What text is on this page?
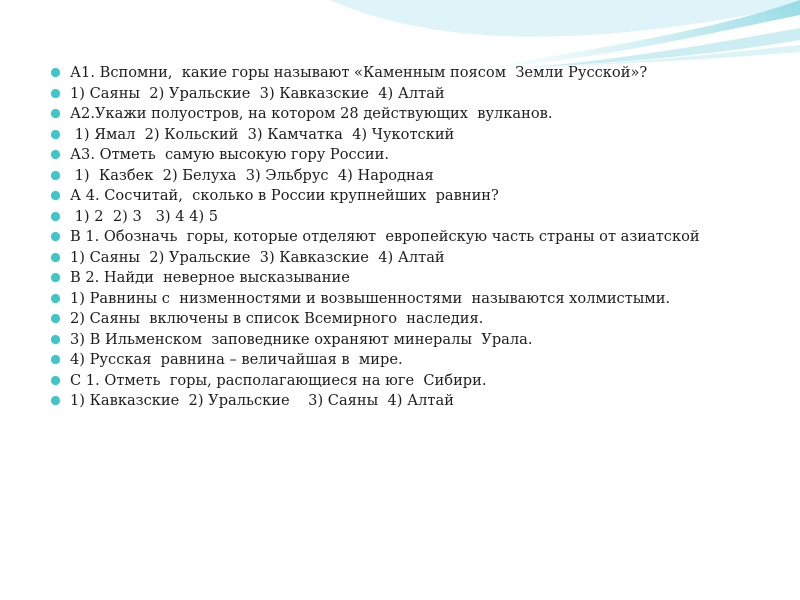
А1. Вспомни,  какие горы называют «Каменным поясом  Земли Русской»?
1) Саяны  2) Уральские  3) Кавказские  4) Алтай
А2.Укажи полуостров, на котором 28 действующих  вулканов.
1) Ямал  2) Кольский  3) Камчатка  4) Чукотский
А3. Отметь  самую высокую гору России.
1)  Казбек  2) Белуха  3) Эльбрус  4) Народная
А 4. Сосчитай,  сколько в России крупнейших  равнин?
1) 2  2) 3   3) 4 4) 5
В 1. Обозначь  горы, которые отделяют  европейскую часть страны от азиатской
1) Саяны  2) Уральские  3) Кавказские  4) Алтай
В 2. Найди  неверное высказывание
1) Равнины с  низменностями и возвышенностями  называются холмистыми.
2) Саяны  включены в список Всемирного  наследия.
3) В Ильменском  заповеднике охраняют минералы  Урала.
4) Русская  равнина – величайшая в  мире.
С 1. Отметь  горы, располагающиеся на юге  Сибири.
1) Кавказские  2) Уральские    3) Саяны  4) Алтай
